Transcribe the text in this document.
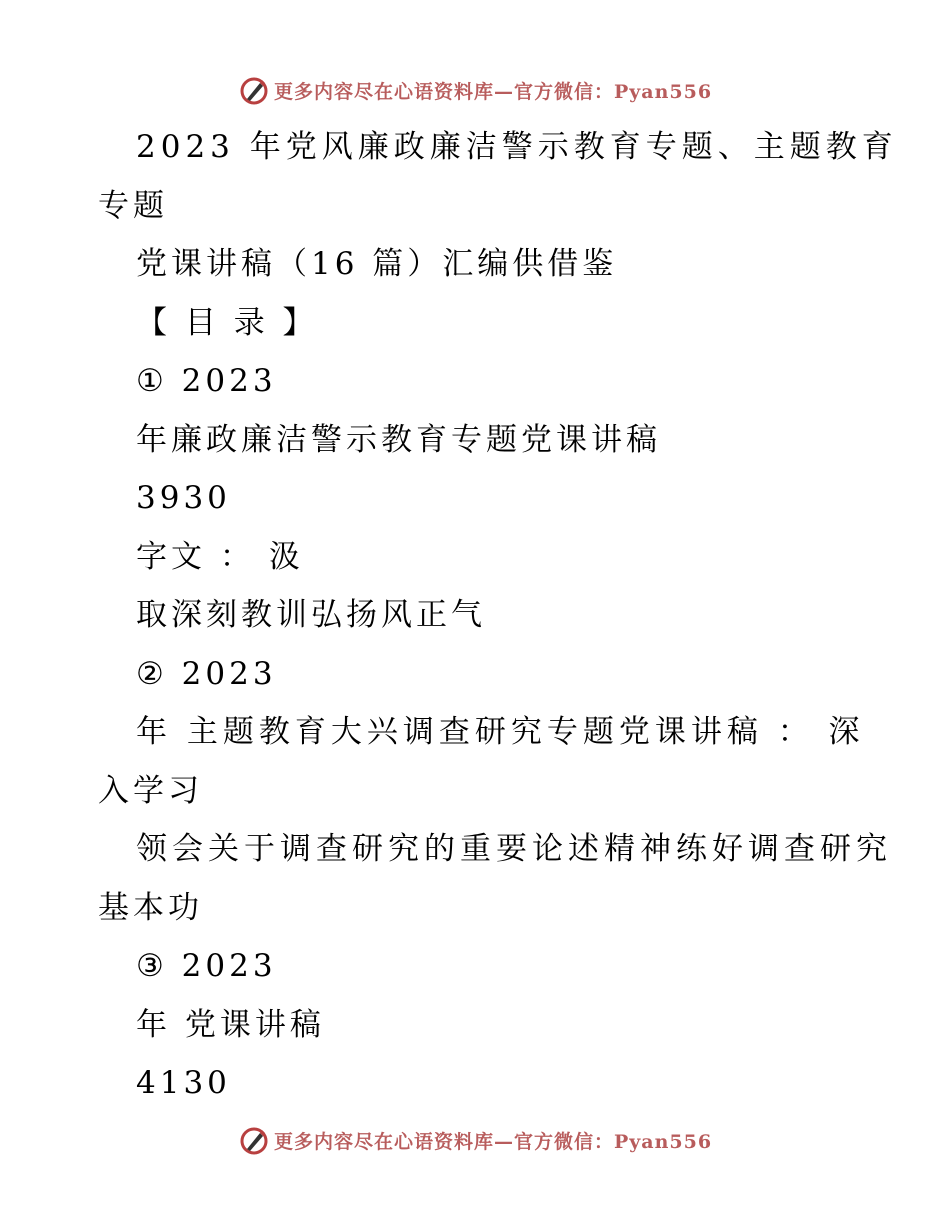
更多内容尽在心语资料库—官方微信：Pyan556
2023 年党风廉政廉洁警示教育专题、主题教育
专题
党课讲稿（16 篇）汇编供借鉴
【 目 录 】
① 2023
年廉政廉洁警示教育专题党课讲稿
3930
字文 ： 汲
取深刻教训弘扬风正气
② 2023
年 主题教育大兴调查研究专题党课讲稿 ： 深
入学习
领会关于调查研究的重要论述精神练好调查研究
基本功
③ 2023
年 党课讲稿
4130
更多内容尽在心语资料库—官方微信：Pyan556
